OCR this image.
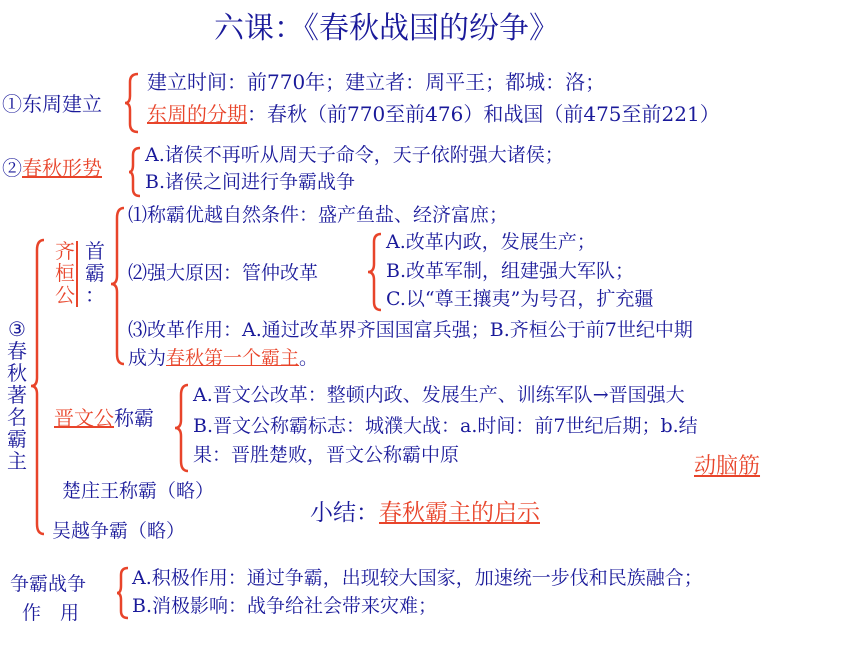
六课：《春秋战国的纷争》
①东周建立
建立时间：前770年；建立者：周平王；都城：洛；
东周的分期：春秋（前770至前476）和战国（前475至前221）
②春秋形势
A.诸侯不再听从周天子命令，天子依附强大诸侯；
B.诸侯之间进行争霸战争
③
春
秋
著
名
霸
主
齐
桓
公
首
霸
：
⑴称霸优越自然条件：盛产鱼盐、经济富庶；
⑵强大原因：管仲改革
A.改革内政，发展生产；
B.改革军制，组建强大军队；
C.以“尊王攘夷”为号召，扩充疆
⑶改革作用：A.通过改革界齐国国富兵强；B.齐桓公于前7世纪中期
成为春秋第一个霸主。
晋文公称霸
A.晋文公改革：整顿内政、发展生产、训练军队→晋国强大
B.晋文公称霸标志：城濮大战：a.时间：前7世纪后期；b.结
果：晋胜楚败，晋文公称霸中原
楚庄王称霸（略）
吴越争霸（略）
动脑筋
小结：春秋霸主的启示
争霸战争
作　用
A.积极作用：通过争霸，出现较大国家，加速统一步伐和民族融合；
B.消极影响：战争给社会带来灾难；
